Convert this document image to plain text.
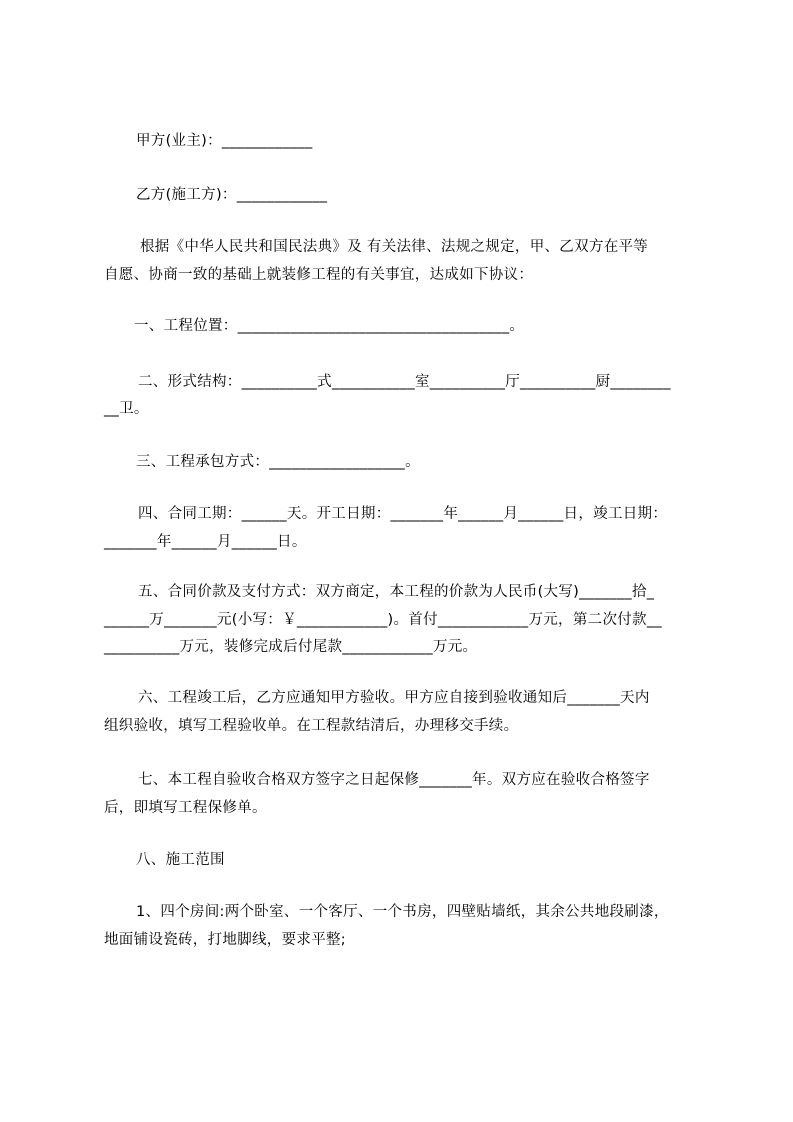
甲方(业主)：____________
乙方(施工方)：____________
根据《中华人民共和国民法典》及 有关法律、法规之规定，甲、乙双方在平等
自愿、协商一致的基础上就装修工程的有关事宜，达成如下协议：
一、工程位置：____________________________________。
二、形式结构：__________式___________室__________厅__________厨________
__卫。
三、工程承包方式：__________________。
四、合同工期：______天。开工日期：_______年______月______日，竣工日期：
_______年______月______日。
五、合同价款及支付方式：双方商定，本工程的价款为人民币(大写)_______拾_
______万_______元(小写：￥____________)。首付____________万元，第二次付款__
__________万元，装修完成后付尾款____________万元。
六、工程竣工后，乙方应通知甲方验收。甲方应自接到验收通知后_______天内
组织验收，填写工程验收单。在工程款结清后，办理移交手续。
七、本工程自验收合格双方签字之日起保修_______年。双方应在验收合格签字
后，即填写工程保修单。
八、施工范围
1、四个房间:两个卧室、一个客厅、一个书房，四壁贴墙纸，其余公共地段刷漆，
地面铺设瓷砖，打地脚线，要求平整;
